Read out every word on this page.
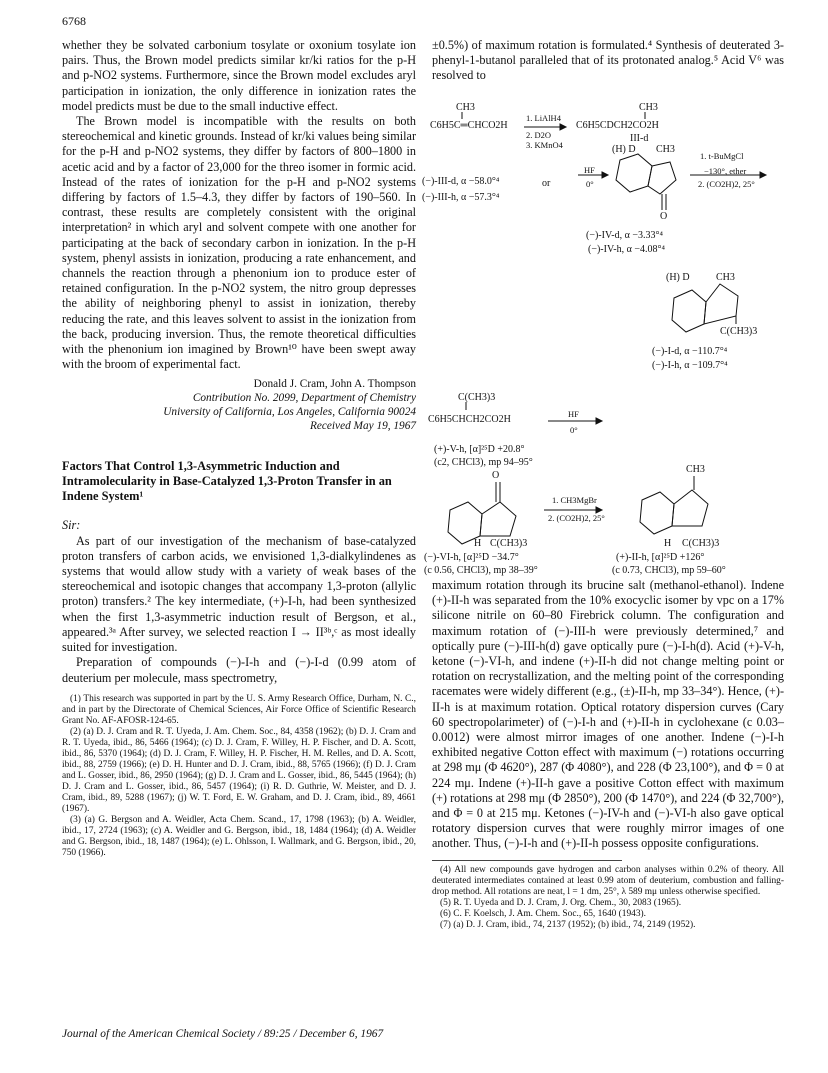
6768

whether they be solvated carbonium tosylate or oxonium tosylate ion pairs. Thus, the Brown model predicts similar kr/ki ratios for the p-H and p-NO2 systems. Furthermore, since the Brown model excludes aryl participation in ionization, the only difference in ionization rates the model predicts must be due to the small inductive effect.

The Brown model is incompatible with the results on both stereochemical and kinetic grounds. Instead of kr/ki values being similar for the p-H and p-NO2 systems, they differ by factors of 800–1800 in acetic acid and by a factor of 23,000 for the threo isomer in formic acid. Instead of the rates of ionization for the p-H and p-NO2 systems differing by factors of 1.5–4.3, they differ by factors of 190–560. In contrast, these results are completely consistent with the original interpretation² in which aryl and solvent compete with one another for participating at the back of secondary carbon in ionization. In the p-H system, phenyl assists in ionization, producing a rate enhancement, and channels the reaction through a phenonium ion to produce ester of retained configuration. In the p-NO2 system, the nitro group depresses the ability of neighboring phenyl to assist in ionization, thereby reducing the rate, and this leaves solvent to assist in the ionization from the back, producing inversion. Thus, the remote theoretical difficulties with the phenonium ion imagined by Brown¹⁰ have been swept away with the broom of experimental fact.

Donald J. Cram, John A. Thompson
Contribution No. 2099, Department of Chemistry
University of California, Los Angeles, California 90024
Received May 19, 1967
Factors That Control 1,3-Asymmetric Induction and Intramolecularity in Base-Catalyzed 1,3-Proton Transfer in an Indene System¹
Sir:

As part of our investigation of the mechanism of base-catalyzed proton transfers of carbon acids, we envisioned 1,3-dialkylindenes as systems that would allow study with a variety of weak bases of the stereochemical and isotopic changes that accompany 1,3-proton (allylic proton) transfers.² The key intermediate, (+)-I-h, had been synthesized when the first 1,3-asymmetric induction result of Bergson, et al., appeared.³ᵃ After survey, we selected reaction I → II³ᵇ,ᶜ as most ideally suited for investigation.

Preparation of compounds (−)-I-h and (−)-I-d (0.99 atom of deuterium per molecule, mass spectrometry,

(1) This research was supported in part by the U. S. Army Research Office, Durham, N. C., and in part by the Directorate of Chemical Sciences, Air Force Office of Scientific Research Grant No. AF-AFOSR-124-65.

(2) (a) D. J. Cram and R. T. Uyeda, J. Am. Chem. Soc., 84, 4358 (1962); (b) D. J. Cram and R. T. Uyeda, ibid., 86, 5466 (1964); (c) D. J. Cram, F. Willey, H. P. Fischer, and D. A. Scott, ibid., 86, 5370 (1964); (d) D. J. Cram, F. Willey, H. P. Fischer, H. M. Relles, and D. A. Scott, ibid., 88, 2759 (1966); (e) D. H. Hunter and D. J. Cram, ibid., 88, 5765 (1966); (f) D. J. Cram and L. Gosser, ibid., 86, 2950 (1964); (g) D. J. Cram and L. Gosser, ibid., 86, 5445 (1964); (h) D. J. Cram and L. Gosser, ibid., 86, 5457 (1964); (i) R. D. Guthrie, W. Meister, and D. J. Cram, ibid., 89, 5288 (1967); (j) W. T. Ford, E. W. Graham, and D. J. Cram, ibid., 89, 4661 (1967).

(3) (a) G. Bergson and A. Weidler, Acta Chem. Scand., 17, 1798 (1963); (b) A. Weidler, ibid., 17, 2724 (1963); (c) A. Weidler and G. Bergson, ibid., 18, 1484 (1964); (d) A. Weidler and G. Bergson, ibid., 18, 1487 (1964); (e) L. Ohlsson, I. Wallmark, and G. Bergson, ibid., 20, 750 (1966).

±0.5%) of maximum rotation is formulated.⁴ Synthesis of deuterated 3-phenyl-1-butanol paralleled that of its protonated analog.⁵ Acid V⁶ was resolved to

CH3
C6H5C═CHCO2H
1. LiAlH4
2. D2O
3. KMnO4
CH3
C6H5CDCH2CO2H
III-d
(−)-III-d, α −58.0°⁴	or
(−)-III-h, α −57.3°⁴
HF
0°
(H) D CH3
O
1. t-BuMgCl
−130°, ether
2. (CO2H)2, 25°
(−)-IV-d, α −3.33°⁴
(−)-IV-h, α −4.08°⁴
(H) D	CH3
C(CH3)3
(−)-I-d, α −110.7°⁴
(−)-I-h, α −109.7°⁴
C(CH3)3
C6H5CHCH2CO2H	HF
0°
(+)-V-h, [α]²⁵D +20.8°
(c2, CHCl3), mp 94–95°
O
1. CH3MgBr
2. (CO2H)2, 25°
CH3
H C(CH3)3	H C(CH3)3
(−)-VI-h, [α]²⁵D −34.7°
(c 0.56, CHCl3), mp 38–39°
(+)-II-h, [α]²⁵D +126°
(c 0.73, CHCl3), mp 59–60°

maximum rotation through its brucine salt (methanol-ethanol). Indene (+)-II-h was separated from the 10% exocyclic isomer by vpc on a 17% silicone nitrile on 60–80 Firebrick column. The configuration and maximum rotation of (−)-III-h were previously determined,⁷ and optically pure (−)-III-h(d) gave optically pure (−)-I-h(d). Acid (+)-V-h, ketone (−)-VI-h, and indene (+)-II-h did not change melting point or rotation on recrystallization, and the melting point of the corresponding racemates were widely different (e.g., (±)-II-h, mp 33–34°). Hence, (+)-II-h is at maximum rotation. Optical rotatory dispersion curves (Cary 60 spectropolarimeter) of (−)-I-h and (+)-II-h in cyclohexane (c 0.03–0.0012) were almost mirror images of one another. Indene (−)-I-h exhibited negative Cotton effect with maximum (−) rotations occurring at 298 mμ (Φ 4620°), 287 (Φ 4080°), and 228 (Φ 23,100°), and Φ = 0 at 224 mμ. Indene (+)-II-h gave a positive Cotton effect with maximum (+) rotations at 298 mμ (Φ 2850°), 200 (Φ 1470°), and 224 (Φ 32,700°), and Φ = 0 at 215 mμ. Ketones (−)-IV-h and (−)-VI-h also gave optical rotatory dispersion curves that were roughly mirror images of one another. Thus, (−)-I-h and (+)-II-h possess opposite configurations.

(4) All new compounds gave hydrogen and carbon analyses within 0.2% of theory. All deuterated intermediates contained at least 0.99 atom of deuterium, combustion and falling-drop method. All rotations are neat, l = 1 dm, 25°, λ 589 mμ unless otherwise specified.

(5) R. T. Uyeda and D. J. Cram, J. Org. Chem., 30, 2083 (1965).

(6) C. F. Koelsch, J. Am. Chem. Soc., 65, 1640 (1943).

(7) (a) D. J. Cram, ibid., 74, 2137 (1952); (b) ibid., 74, 2149 (1952).

Journal of the American Chemical Society / 89:25 / December 6, 1967
